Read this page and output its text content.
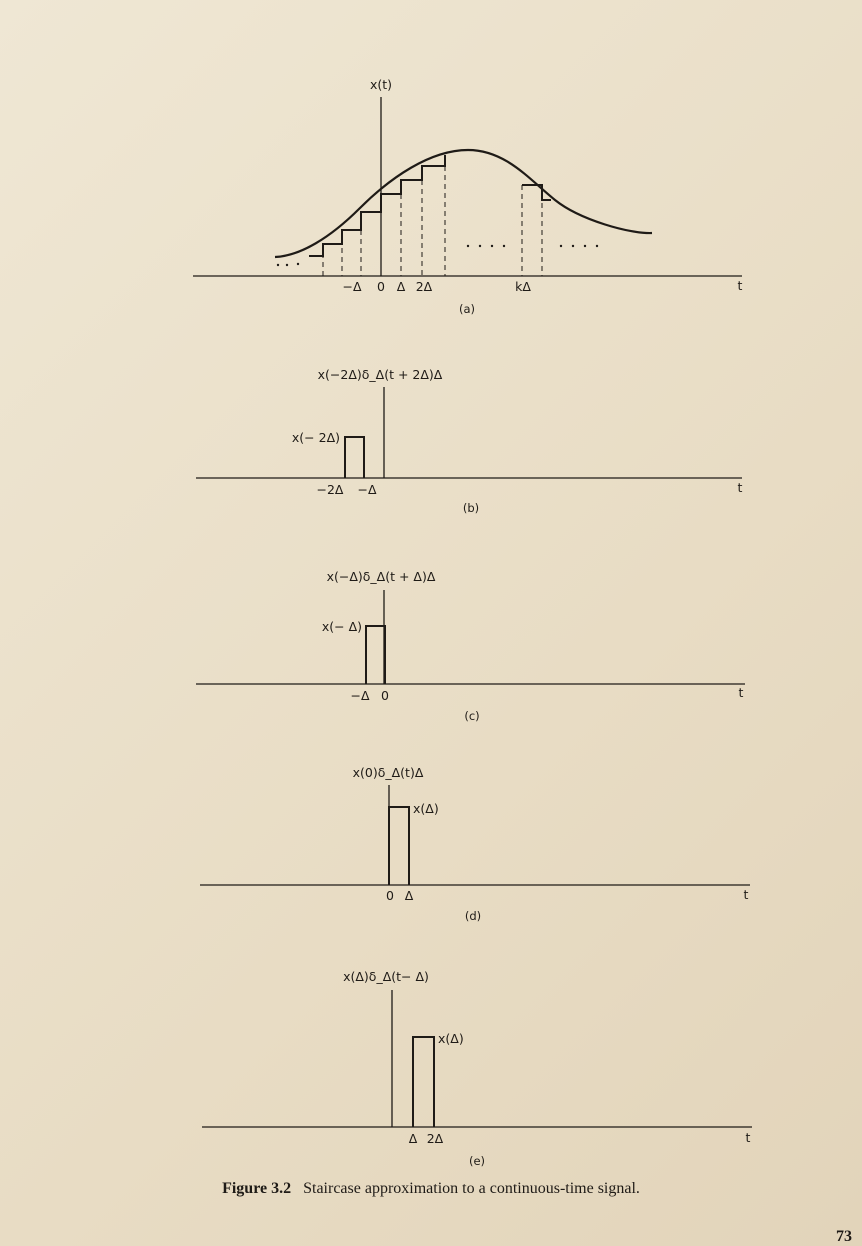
x(t)
−Δ 0 Δ 2Δ	kΔ	t
(a)
x(−2Δ)δ_Δ(t + 2Δ)Δ
x(− 2Δ)
−2Δ −Δ	t
(b)
x(−Δ)δ_Δ(t + Δ)Δ
x(− Δ)
−Δ 0	t
(c)
x(0)δ_Δ(t)Δ
x(Δ)
0 Δ	t
(d)
x(Δ)δ_Δ(t− Δ)
x(Δ)
Δ 2Δ	t
(e)
Figure 3.2 Staircase approximation to a continuous-time signal.
73
